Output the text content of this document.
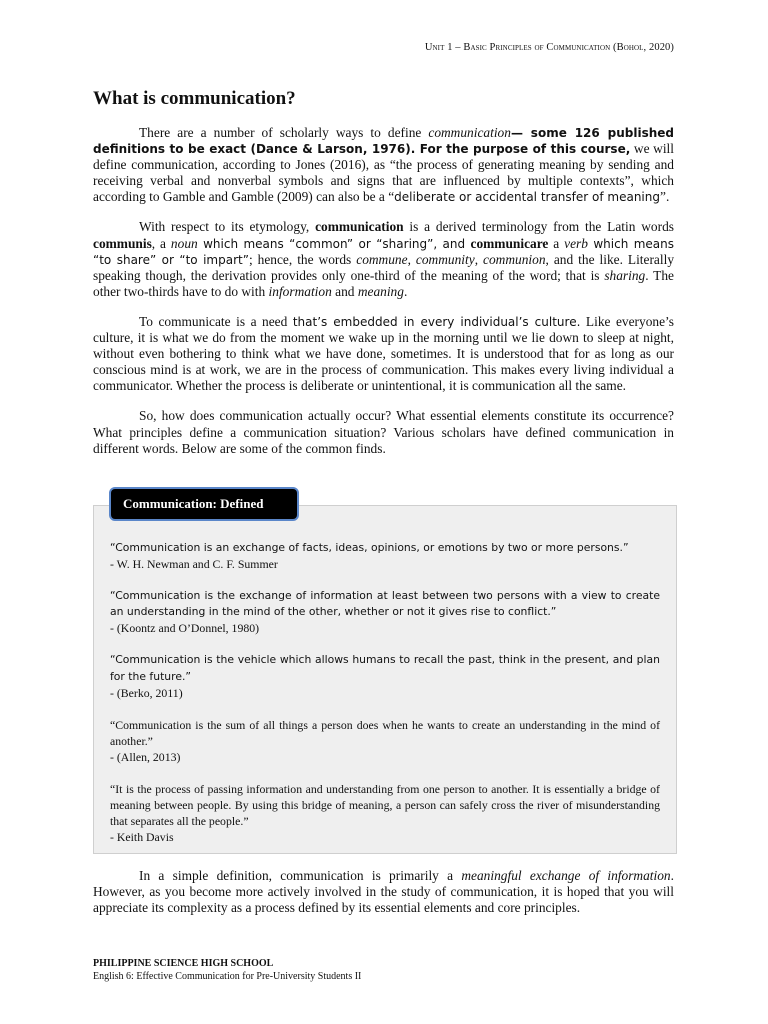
Unit 1 – Basic Principles of Communication (Bohol, 2020)
What is communication?

There are a number of scholarly ways to define communication— some 126 published definitions to be exact (Dance & Larson, 1976). For the purpose of this course, we will define communication, according to Jones (2016), as “the process of generating meaning by sending and receiving verbal and nonverbal symbols and signs that are influenced by multiple contexts”, which according to Gamble and Gamble (2009) can also be a “deliberate or accidental transfer of meaning”.

With respect to its etymology, communication is a derived terminology from the Latin words communis, a noun which means “common” or “sharing”, and communicare a verb which means “to share” or “to impart”; hence, the words commune, community, communion, and the like. Literally speaking though, the derivation provides only one-third of the meaning of the word; that is sharing. The other two-thirds have to do with information and meaning.

To communicate is a need that’s embedded in every individual’s culture. Like everyone’s culture, it is what we do from the moment we wake up in the morning until we lie down to sleep at night, without even bothering to think what we have done, sometimes. It is understood that for as long as our conscious mind is at work, we are in the process of communication. This makes every living individual a communicator. Whether the process is deliberate or unintentional, it is communication all the same.

So, how does communication actually occur? What essential elements constitute its occurrence? What principles define a communication situation? Various scholars have defined communication in different words. Below are some of the common finds.

Communication: Defined
“Communication is an exchange of facts, ideas, opinions, or emotions by two or more persons.”
- W. H. Newman and C. F. Summer
“Communication is the exchange of information at least between two persons with a view to create an understanding in the mind of the other, whether or not it gives rise to conflict.”
- (Koontz and O’Donnel, 1980)
“Communication is the vehicle which allows humans to recall the past, think in the present, and plan for the future.”
- (Berko, 2011)
“Communication is the sum of all things a person does when he wants to create an understanding in the mind of another.”
- (Allen, 2013)
“It is the process of passing information and understanding from one person to another. It is essentially a bridge of meaning between people. By using this bridge of meaning, a person can safely cross the river of misunderstanding that separates all the people.”
- Keith Davis

In a simple definition, communication is primarily a meaningful exchange of information. However, as you become more actively involved in the study of communication, it is hoped that you will appreciate its complexity as a process defined by its essential elements and core principles.

PHILIPPINE SCIENCE HIGH SCHOOL
English 6: Effective Communication for Pre-University Students II
